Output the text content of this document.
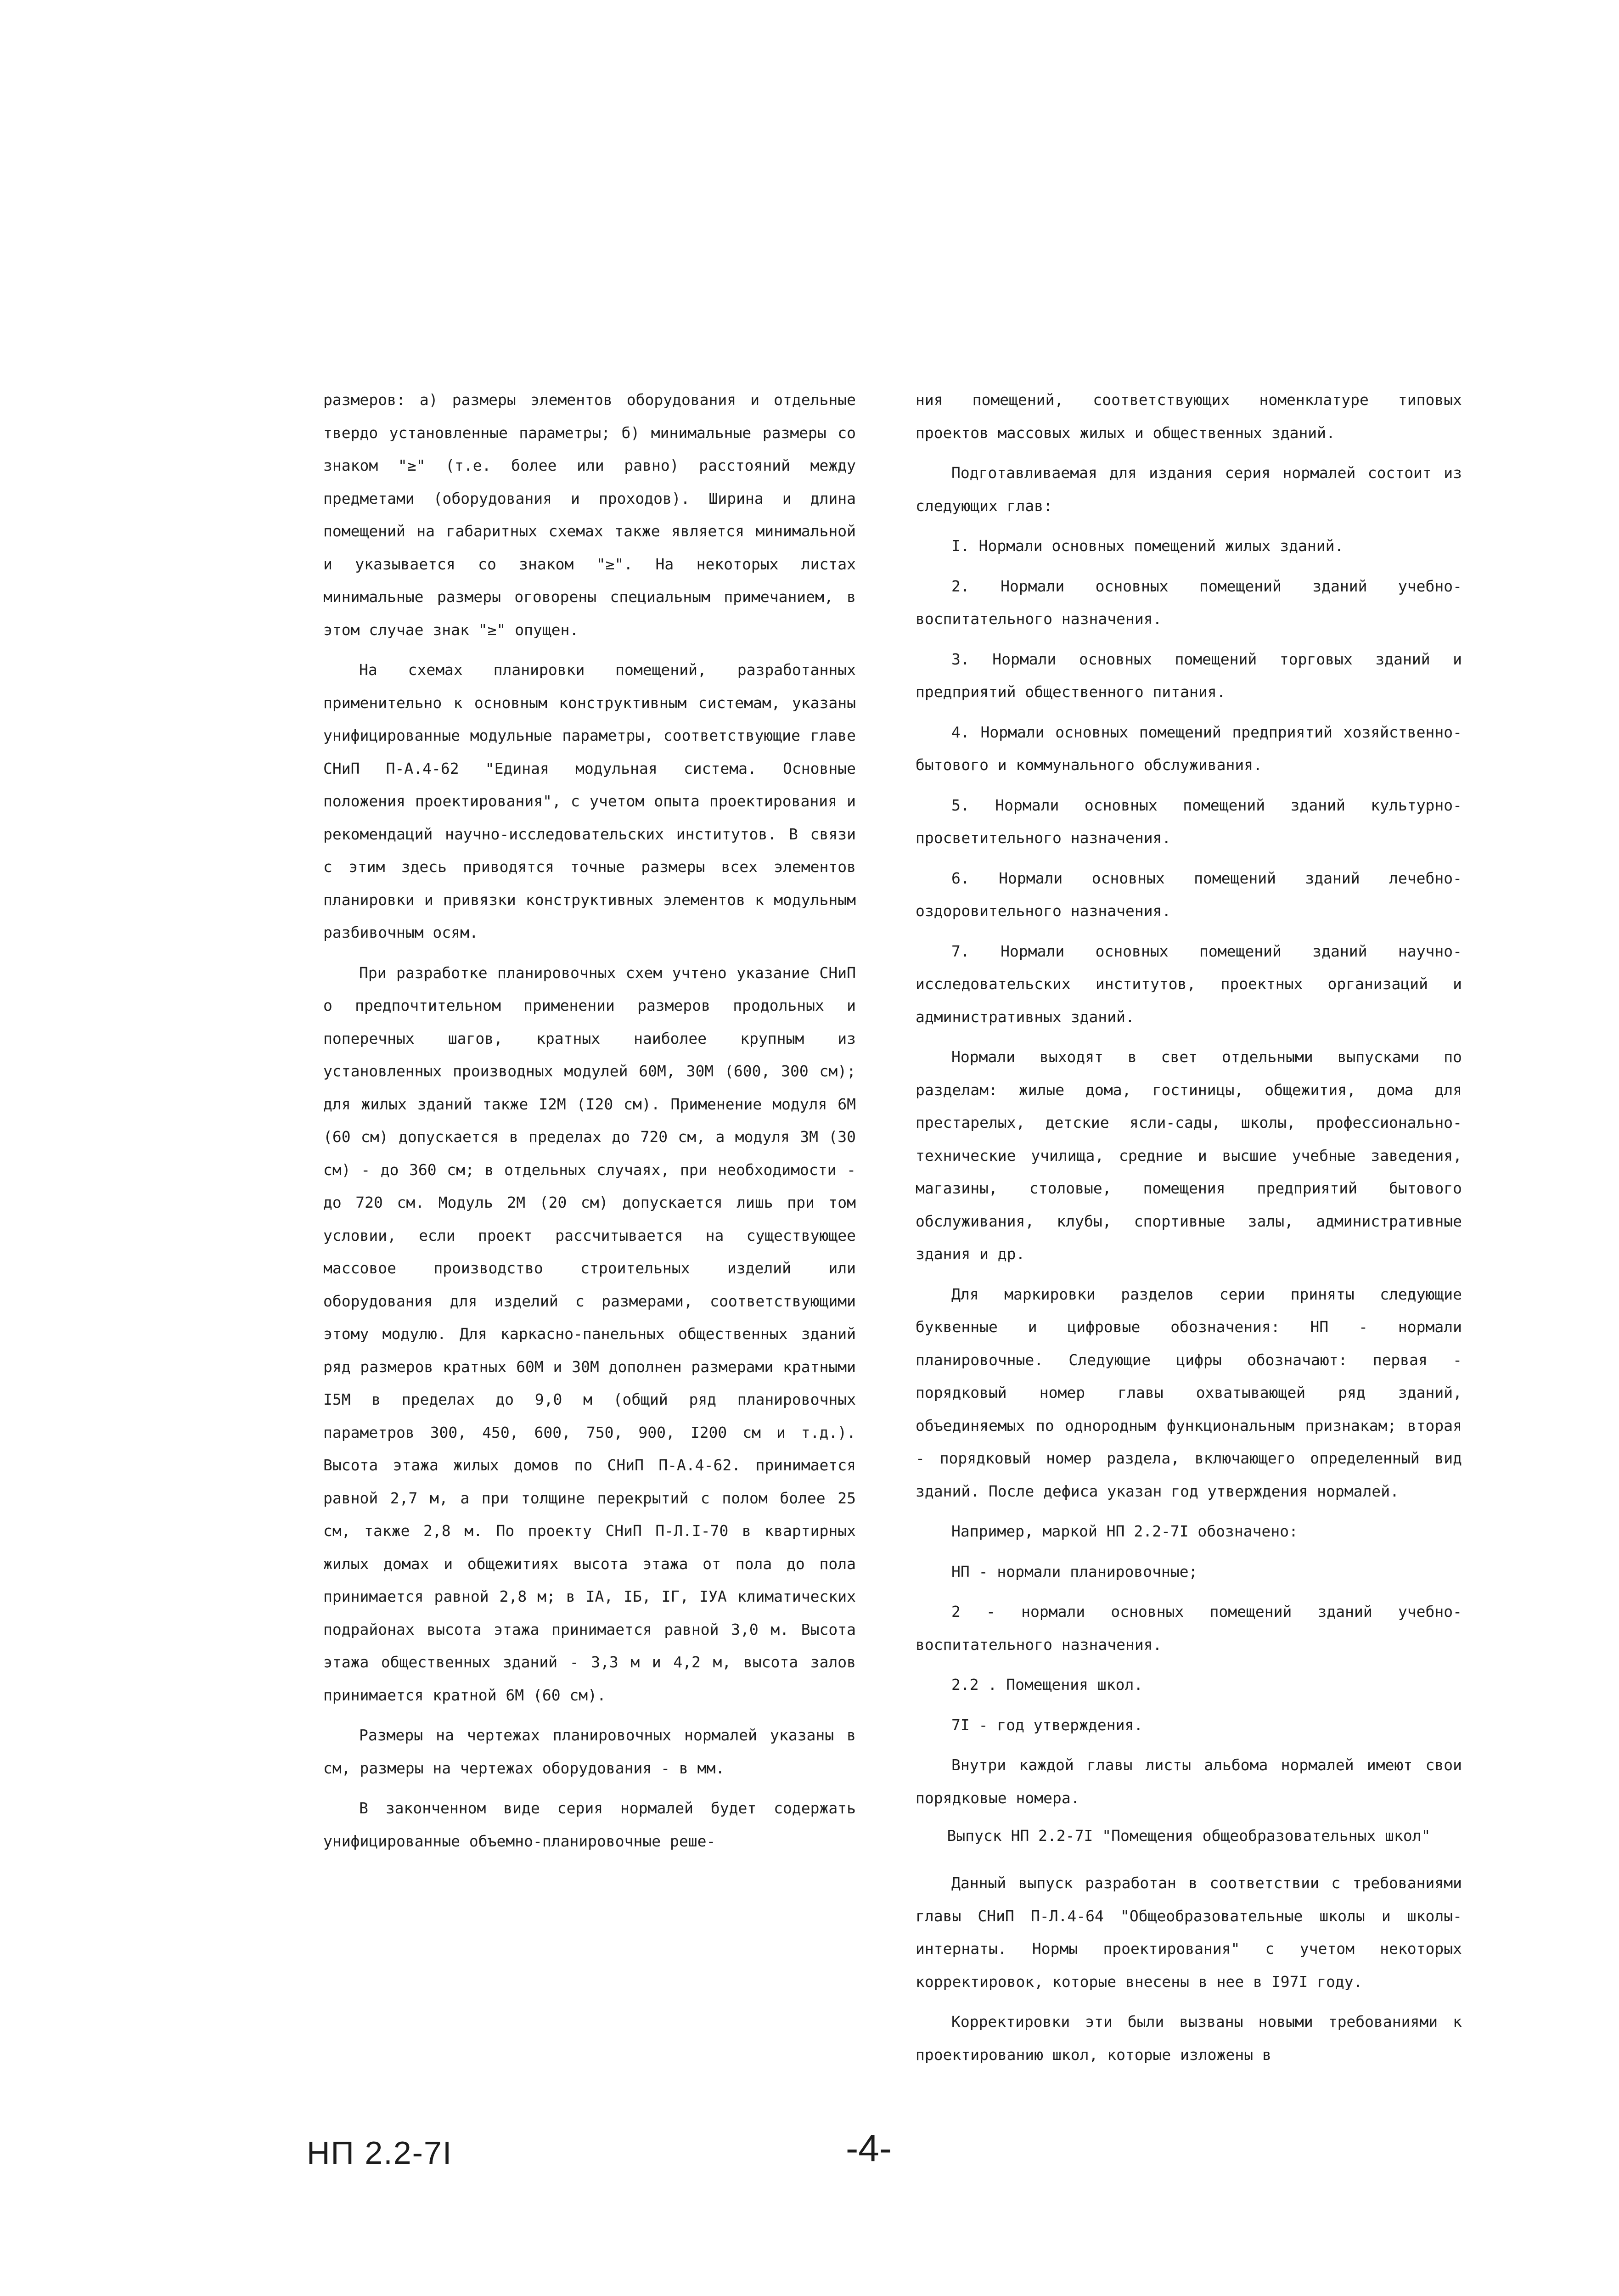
размеров: а) размеры элементов оборудования и отдельные твердо установленные параметры; б) минимальные размеры со знаком "≥" (т.е. более или равно) расстояний между предметами (оборудования и проходов). Ширина и длина помещений на габаритных схемах также является минимальной и указывается со знаком "≥". На некоторых листах минимальные размеры оговорены специальным примечанием, в этом случае знак "≥" опущен.

На схемах планировки помещений, разработанных применительно к основным конструктивным системам, указаны унифицированные модульные параметры, соответствующие главе СНиП П-А.4-62 "Единая модульная система. Основные положения проектирования", с учетом опыта проектирования и рекомендаций научно-исследовательских институтов. В связи с этим здесь приводятся точные размеры всех элементов планировки и привязки конструктивных элементов к модульным разбивочным осям.

При разработке планировочных схем учтено указание СНиП о предпочтительном применении размеров продольных и поперечных шагов, кратных наиболее крупным из установленных производных модулей 60М, 30М (600, 300 см); для жилых зданий также I2М (I20 см). Применение модуля 6М (60 см) допускается в пределах до 720 см, а модуля 3М (30 см) - до 360 см; в отдельных случаях, при необходимости - до 720 см. Модуль 2М (20 см) допускается лишь при том условии, если проект рассчитывается на существующее массовое производство строительных изделий или оборудования для изделий с размерами, соответствующими этому модулю. Для каркасно-панельных общественных зданий ряд размеров кратных 60М и 30М дополнен размерами кратными I5М в пределах до 9,0 м (общий ряд планировочных параметров 300, 450, 600, 750, 900, I200 см и т.д.). Высота этажа жилых домов по СНиП П-А.4-62. принимается равной 2,7 м, а при толщине перекрытий с полом более 25 см, также 2,8 м. По проекту СНиП П-Л.I-70 в квартирных жилых домах и общежитиях высота этажа от пола до пола принимается равной 2,8 м; в IА, IБ, IГ, IУА климатических подрайонах высота этажа принимается равной 3,0 м. Высота этажа общественных зданий - 3,3 м и 4,2 м, высота залов принимается кратной 6М (60 см).

Размеры на чертежах планировочных нормалей указаны в см, размеры на чертежах оборудования - в мм.

В законченном виде серия нормалей будет содержать унифицированные объемно-планировочные реше-

ния помещений, соответствующих номенклатуре типовых проектов массовых жилых и общественных зданий.

Подготавливаемая для издания серия нормалей состоит из следующих глав:

I. Нормали основных помещений жилых зданий.

2. Нормали основных помещений зданий учебно-воспитательного назначения.

3. Нормали основных помещений торговых зданий и предприятий общественного питания.

4. Нормали основных помещений предприятий хозяйственно-бытового и коммунального обслуживания.

5. Нормали основных помещений зданий культурно-просветительного назначения.

6. Нормали основных помещений зданий лечебно-оздоровительного назначения.

7. Нормали основных помещений зданий научно-исследовательских институтов, проектных организаций и административных зданий.

Нормали выходят в свет отдельными выпусками по разделам: жилые дома, гостиницы, общежития, дома для престарелых, детские ясли-сады, школы, профессионально-технические училища, средние и высшие учебные заведения, магазины, столовые, помещения предприятий бытового обслуживания, клубы, спортивные залы, административные здания и др.

Для маркировки разделов серии приняты следующие буквенные и цифровые обозначения: НП - нормали планировочные. Следующие цифры обозначают: первая - порядковый номер главы охватывающей ряд зданий, объединяемых по однородным функциональным признакам; вторая - порядковый номер раздела, включающего определенный вид зданий. После дефиса указан год утверждения нормалей.

Например, маркой НП 2.2-7I обозначено:

НП - нормали планировочные;

2 - нормали основных помещений зданий учебно-воспитательного назначения.

2.2 . Помещения школ.

7I - год утверждения.

Внутри каждой главы листы альбома нормалей имеют свои порядковые номера.

Выпуск НП 2.2-7I "Помещения общеобразовательных школ"

Данный выпуск разработан в соответствии с требованиями главы СНиП П-Л.4-64 "Общеобразовательные школы и школы-интернаты. Нормы проектирования" с учетом некоторых корректировок, которые внесены в нее в I97I году.

Корректировки эти были вызваны новыми требованиями к проектированию школ, которые изложены в

НП 2.2-7I	-4-
